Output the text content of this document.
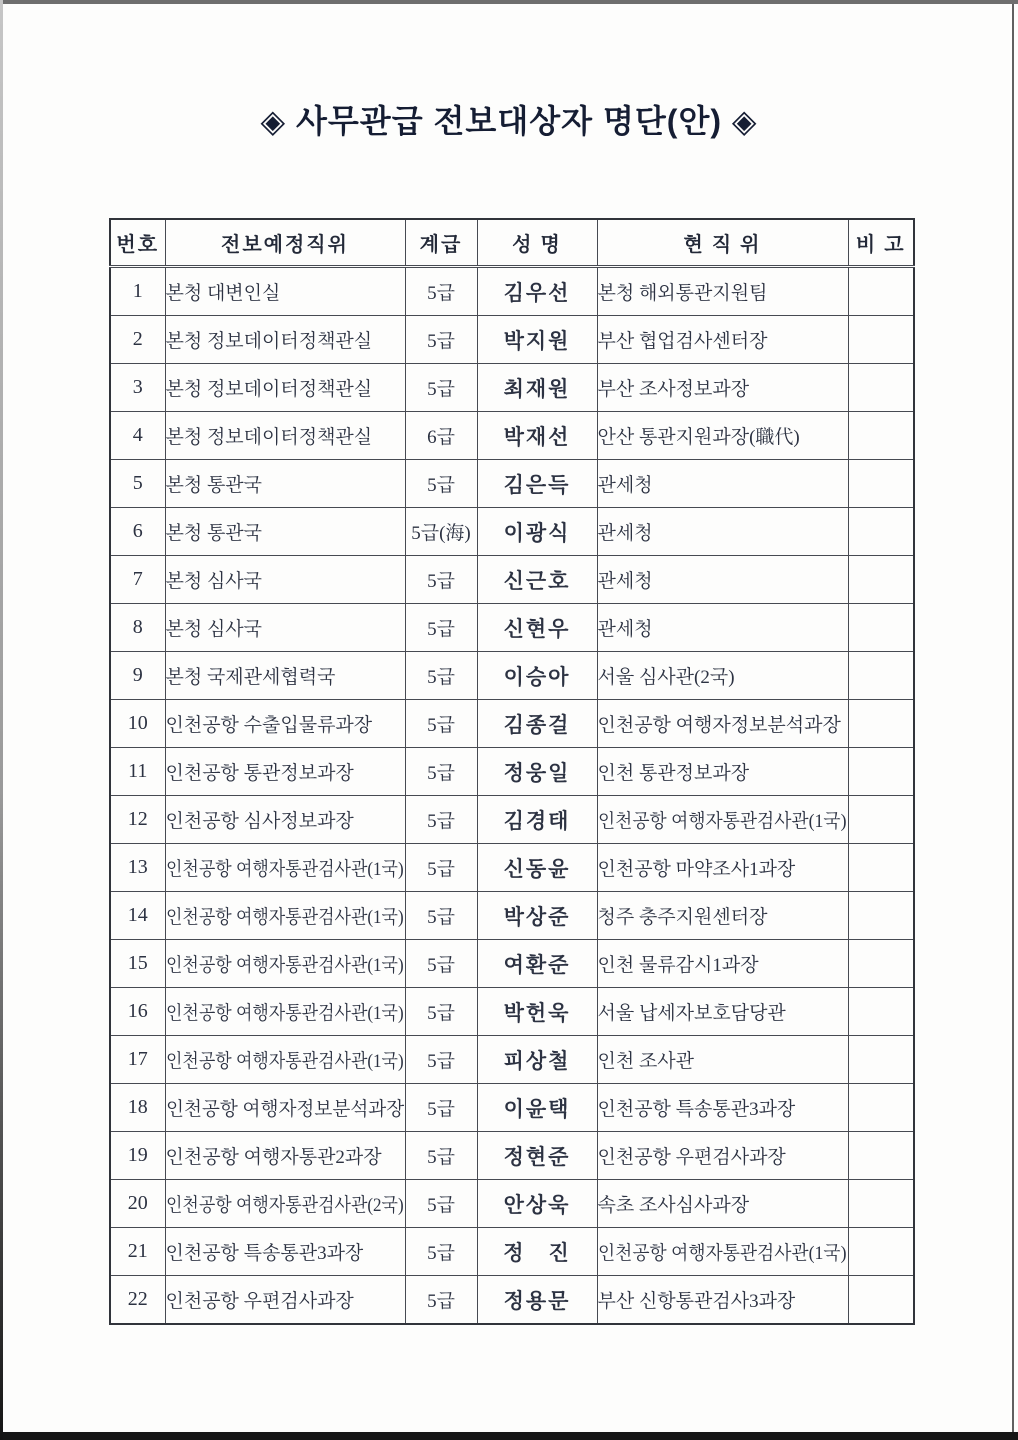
◈ 사무관급 전보대상자 명단(안) ◈
번호	전보예정직위	계급	성 명	현 직 위	비 고
1	본청 대변인실	5급	김우선	본청 해외통관지원팀	
2	본청 정보데이터정책관실	5급	박지원	부산 협업검사센터장	
3	본청 정보데이터정책관실	5급	최재원	부산 조사정보과장	
4	본청 정보데이터정책관실	6급	박재선	안산 통관지원과장(職代)	
5	본청 통관국	5급	김은득	관세청	
6	본청 통관국	5급(海)	이광식	관세청	
7	본청 심사국	5급	신근호	관세청	
8	본청 심사국	5급	신현우	관세청	
9	본청 국제관세협력국	5급	이승아	서울 심사관(2국)	
10	인천공항 수출입물류과장	5급	김종걸	인천공항 여행자정보분석과장	
11	인천공항 통관정보과장	5급	정웅일	인천 통관정보과장	
12	인천공항 심사정보과장	5급	김경태	인천공항 여행자통관검사관(1국)	
13	인천공항 여행자통관검사관(1국)	5급	신동윤	인천공항 마약조사1과장	
14	인천공항 여행자통관검사관(1국)	5급	박상준	청주 충주지원센터장	
15	인천공항 여행자통관검사관(1국)	5급	여환준	인천 물류감시1과장	
16	인천공항 여행자통관검사관(1국)	5급	박헌욱	서울 납세자보호담당관	
17	인천공항 여행자통관검사관(1국)	5급	피상철	인천 조사관	
18	인천공항 여행자정보분석과장	5급	이윤택	인천공항 특송통관3과장	
19	인천공항 여행자통관2과장	5급	정현준	인천공항 우편검사과장	
20	인천공항 여행자통관검사관(2국)	5급	안상욱	속초 조사심사과장	
21	인천공항 특송통관3과장	5급	정　진	인천공항 여행자통관검사관(1국)	
22	인천공항 우편검사과장	5급	정용문	부산 신항통관검사3과장	
